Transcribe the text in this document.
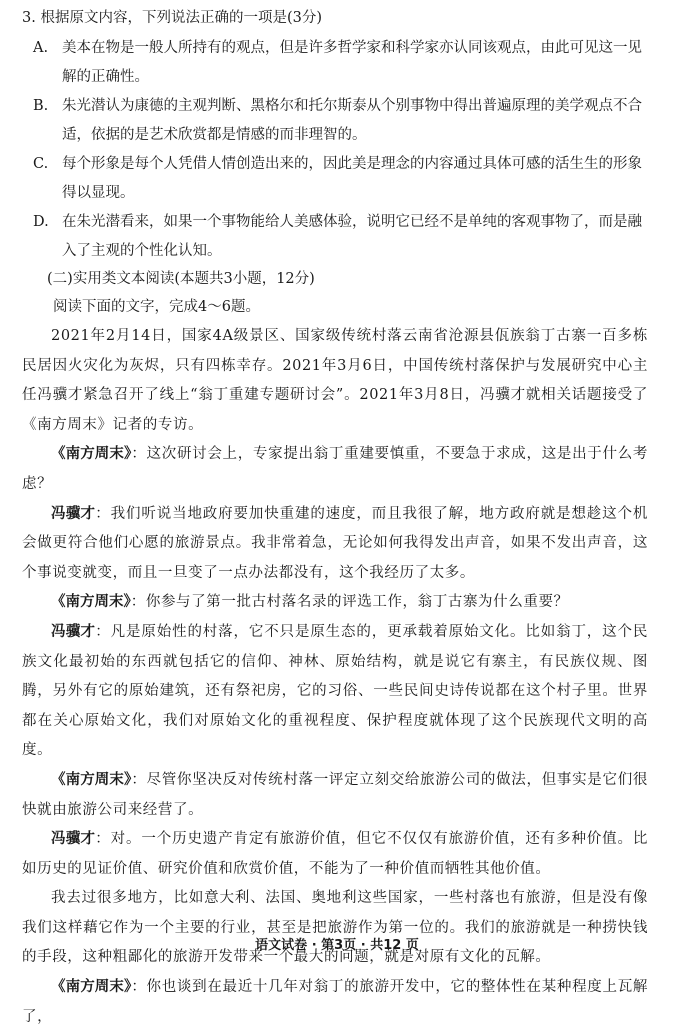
3. 根据原文内容，下列说法正确的一项是(3分)

A. 美本在物是一般人所持有的观点，但是许多哲学家和科学家亦认同该观点，由此可见这一见解的正确性。
B. 朱光潜认为康德的主观判断、黑格尔和托尔斯泰从个别事物中得出普遍原理的美学观点不合适，依据的是艺术欣赏都是情感的而非理智的。
C. 每个形象是每个人凭借人情创造出来的，因此美是理念的内容通过具体可感的活生生的形象得以显现。
D. 在朱光潜看来，如果一个事物能给人美感体验，说明它已经不是单纯的客观事物了，而是融入了主观的个性化认知。

(二)实用类文本阅读(本题共3小题，12分)

阅读下面的文字，完成4～6题。

2021年2月14日，国家4A级景区、国家级传统村落云南省沧源县佤族翁丁古寨一百多栋民居因火灾化为灰烬，只有四栋幸存。2021年3月6日，中国传统村落保护与发展研究中心主任冯骥才紧急召开了线上“翁丁重建专题研讨会”。2021年3月8日，冯骥才就相关话题接受了《南方周末》记者的专访。

《南方周末》：这次研讨会上，专家提出翁丁重建要慎重，不要急于求成，这是出于什么考虑？

冯骥才：我们听说当地政府要加快重建的速度，而且我很了解，地方政府就是想趁这个机会做更符合他们心愿的旅游景点。我非常着急，无论如何我得发出声音，如果不发出声音，这个事说变就变，而且一旦变了一点办法都没有，这个我经历了太多。

《南方周末》：你参与了第一批古村落名录的评选工作，翁丁古寨为什么重要？

冯骥才：凡是原始性的村落，它不只是原生态的，更承载着原始文化。比如翁丁，这个民族文化最初始的东西就包括它的信仰、神林、原始结构，就是说它有寨主，有民族仪规、图腾，另外有它的原始建筑，还有祭祀房，它的习俗、一些民间史诗传说都在这个村子里。世界都在关心原始文化，我们对原始文化的重视程度、保护程度就体现了这个民族现代文明的高度。

《南方周末》：尽管你坚决反对传统村落一评定立刻交给旅游公司的做法，但事实是它们很快就由旅游公司来经营了。

冯骥才：对。一个历史遗产肯定有旅游价值，但它不仅仅有旅游价值，还有多种价值。比如历史的见证价值、研究价值和欣赏价值，不能为了一种价值而牺牲其他价值。

我去过很多地方，比如意大利、法国、奥地利这些国家，一些村落也有旅游，但是没有像我们这样藉它作为一个主要的行业，甚至是把旅游作为第一位的。我们的旅游就是一种捞快钱的手段，这种粗鄙化的旅游开发带来一个最大的问题，就是对原有文化的瓦解。

《南方周末》：你也谈到在最近十几年对翁丁的旅游开发中，它的整体性在某种程度上瓦解了，

语文试卷 · 第3页 · 共12 页
